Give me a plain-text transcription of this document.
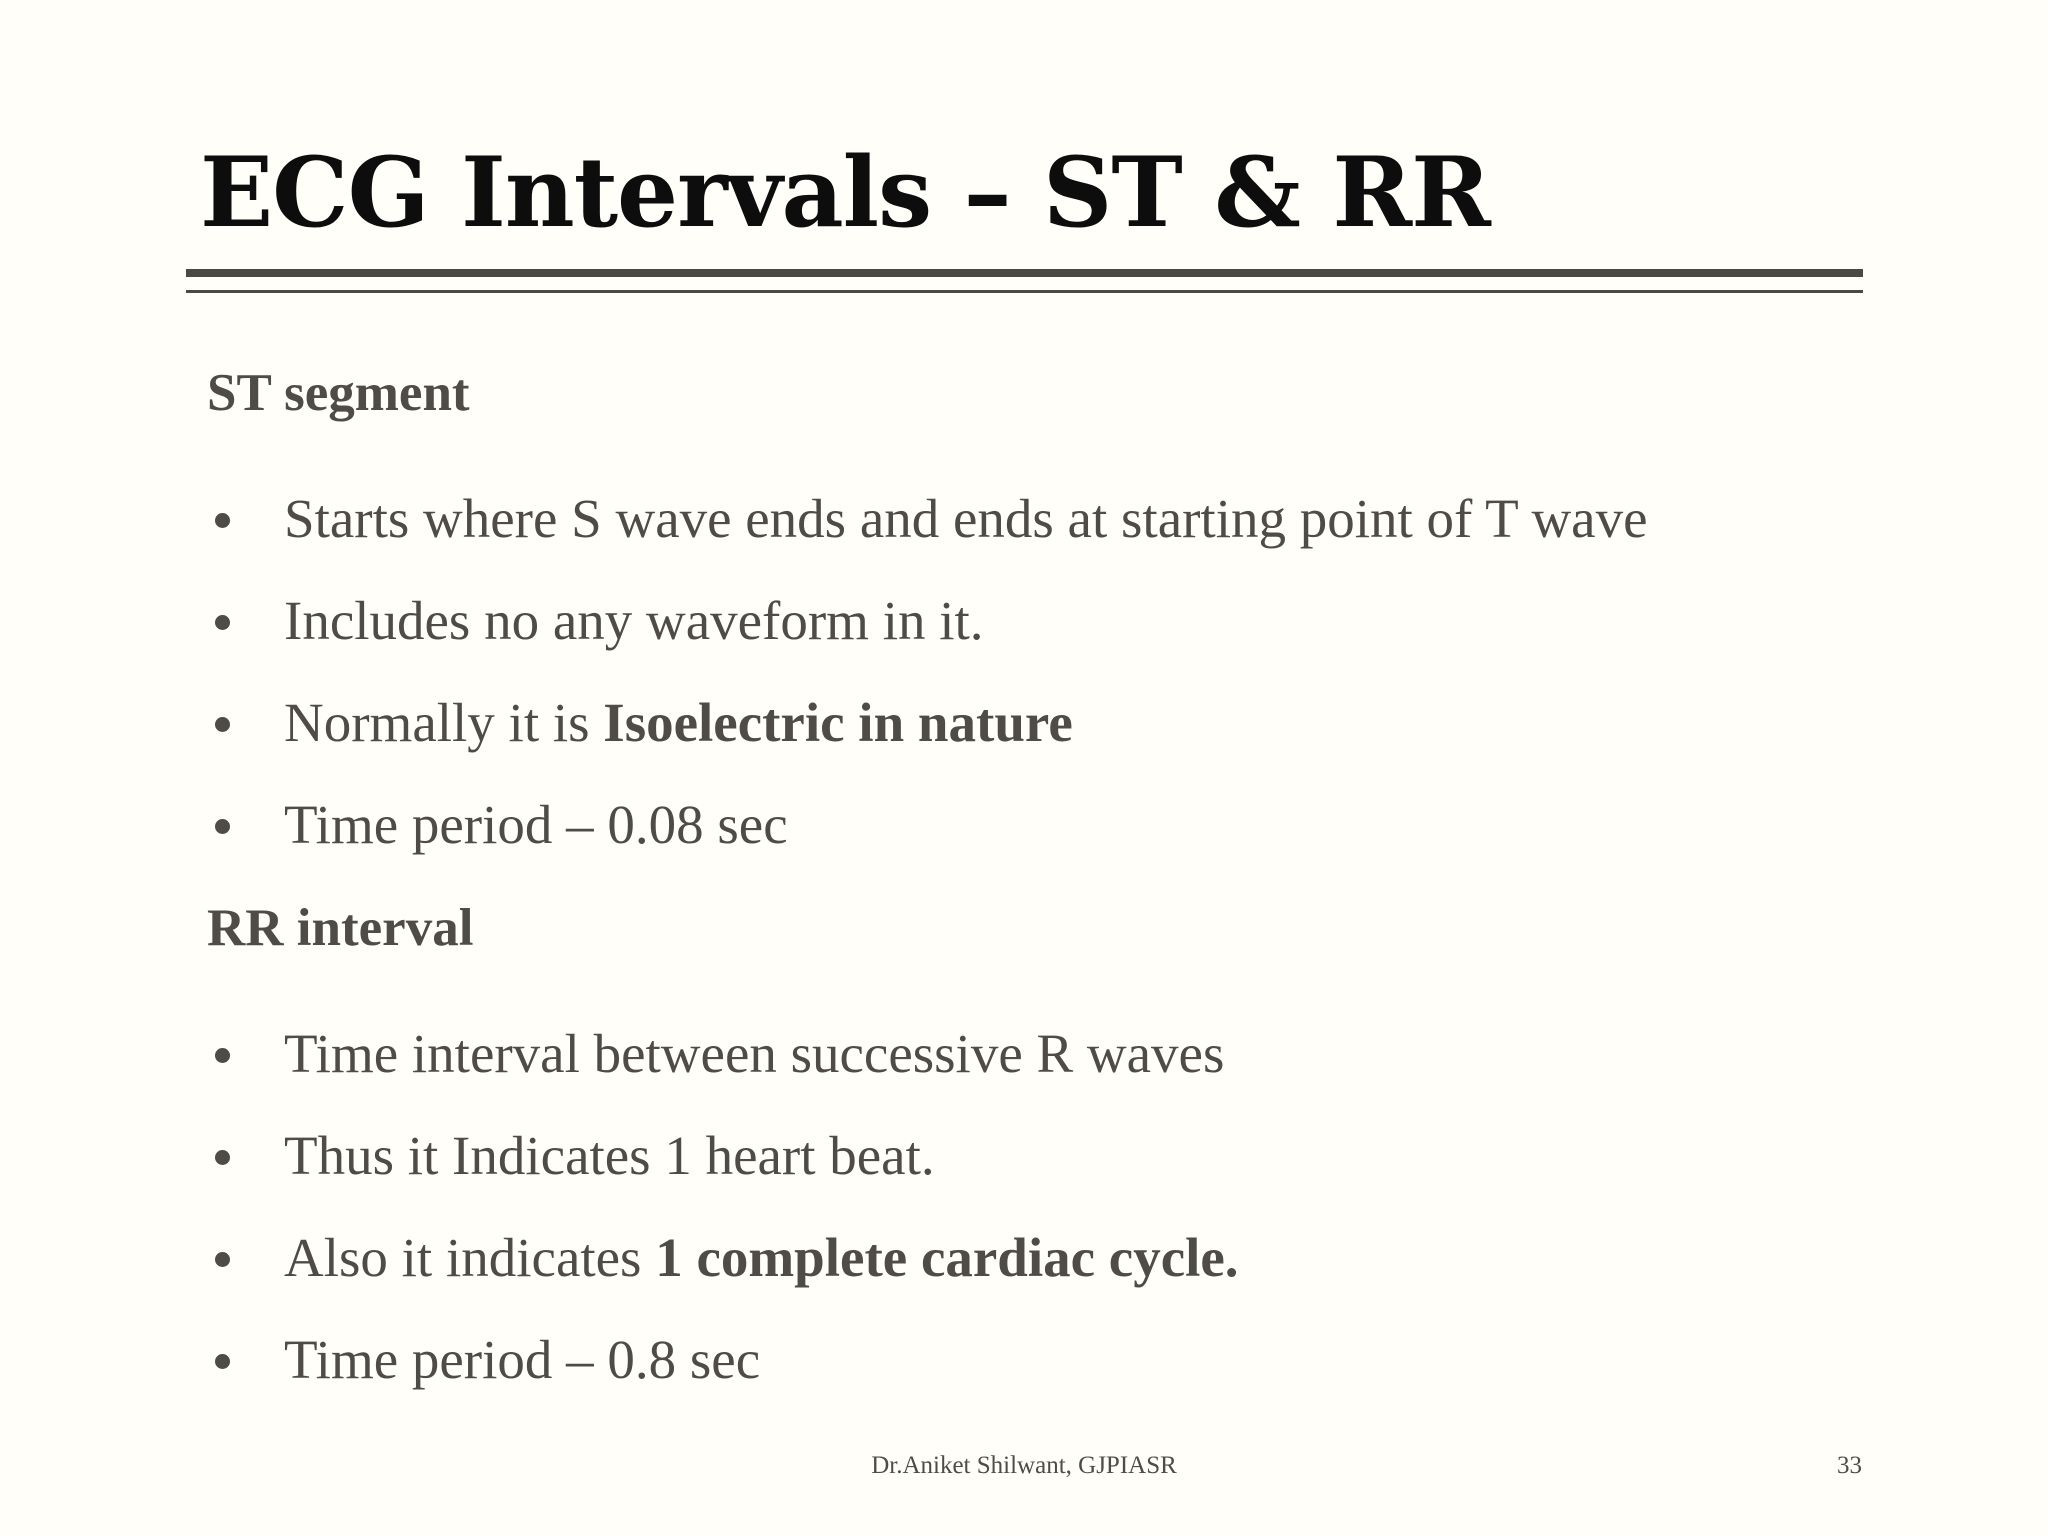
ECG Intervals – ST & RR
ST segment
Starts where S wave ends and ends at starting point of T wave
Includes no any waveform in it.
Normally it is Isoelectric in nature
Time period – 0.08 sec
RR interval
Time interval between successive R waves
Thus it Indicates 1 heart beat.
Also it indicates 1 complete cardiac cycle.
Time period – 0.8 sec
Dr.Aniket Shilwant, GJPIASR	33
